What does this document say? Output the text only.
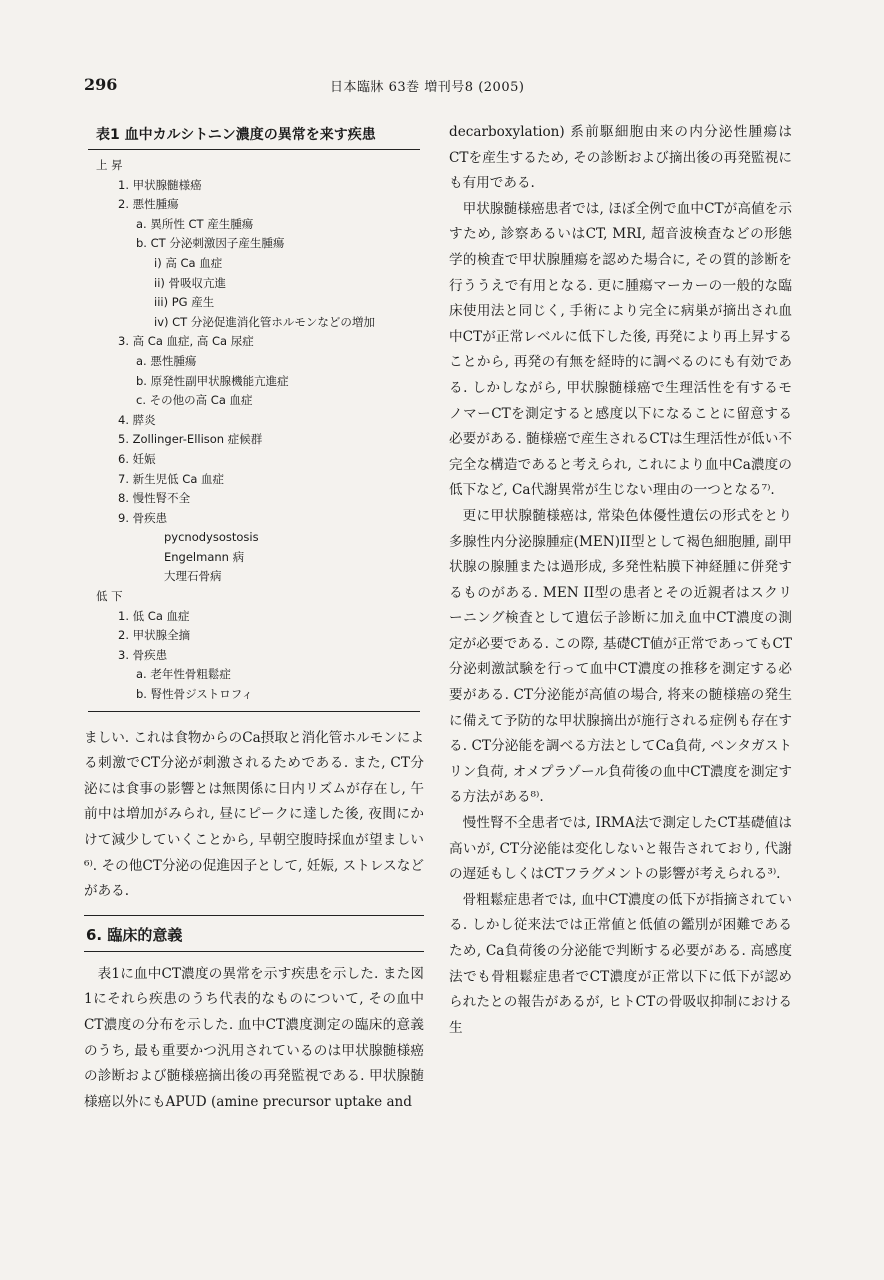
296	日本臨牀 63巻 増刊号8 (2005)
表1 血中カルシトニン濃度の異常を来す疾患
上 昇
1. 甲状腺髄様癌
2. 悪性腫瘍
a. 異所性 CT 産生腫瘍
b. CT 分泌刺激因子産生腫瘍
i) 高 Ca 血症
ii) 骨吸収亢進
iii) PG 産生
iv) CT 分泌促進消化管ホルモンなどの増加
3. 高 Ca 血症, 高 Ca 尿症
a. 悪性腫瘍
b. 原発性副甲状腺機能亢進症
c. その他の高 Ca 血症
4. 膵炎
5. Zollinger-Ellison 症候群
6. 妊娠
7. 新生児低 Ca 血症
8. 慢性腎不全
9. 骨疾患
pycnodysostosis
Engelmann 病
大理石骨病
低 下
1. 低 Ca 血症
2. 甲状腺全摘
3. 骨疾患
a. 老年性骨粗鬆症
b. 腎性骨ジストロフィ

ましい. これは食物からのCa摂取と消化管ホルモンによる刺激でCT分泌が刺激されるためである. また, CT分泌には食事の影響とは無関係に日内リズムが存在し, 午前中は増加がみられ, 昼にピークに達した後, 夜間にかけて減少していくことから, 早朝空腹時採血が望ましい⁶⁾. その他CT分泌の促進因子として, 妊娠, ストレスなどがある.

6. 臨床的意義

表1に血中CT濃度の異常を示す疾患を示した. また図1にそれら疾患のうち代表的なものについて, その血中CT濃度の分布を示した. 血中CT濃度測定の臨床的意義のうち, 最も重要かつ汎用されているのは甲状腺髄様癌の診断および髄様癌摘出後の再発監視である. 甲状腺髄様癌以外にもAPUD (amine precursor uptake and

decarboxylation) 系前駆細胞由来の内分泌性腫瘍はCTを産生するため, その診断および摘出後の再発監視にも有用である.

甲状腺髄様癌患者では, ほぼ全例で血中CTが高値を示すため, 診察あるいはCT, MRI, 超音波検査などの形態学的検査で甲状腺腫瘍を認めた場合に, その質的診断を行ううえで有用となる. 更に腫瘍マーカーの一般的な臨床使用法と同じく, 手術により完全に病巣が摘出され血中CTが正常レベルに低下した後, 再発により再上昇することから, 再発の有無を経時的に調べるのにも有効である. しかしながら, 甲状腺髄様癌で生理活性を有するモノマーCTを測定すると感度以下になることに留意する必要がある. 髄様癌で産生されるCTは生理活性が低い不完全な構造であると考えられ, これにより血中Ca濃度の低下など, Ca代謝異常が生じない理由の一つとなる⁷⁾.

更に甲状腺髄様癌は, 常染色体優性遺伝の形式をとり多腺性内分泌腺腫症(MEN)II型として褐色細胞腫, 副甲状腺の腺腫または過形成, 多発性粘膜下神経腫に併発するものがある. MEN II型の患者とその近親者はスクリーニング検査として遺伝子診断に加え血中CT濃度の測定が必要である. この際, 基礎CT値が正常であってもCT分泌刺激試験を行って血中CT濃度の推移を測定する必要がある. CT分泌能が高値の場合, 将来の髄様癌の発生に備えて予防的な甲状腺摘出が施行される症例も存在する. CT分泌能を調べる方法としてCa負荷, ペンタガストリン負荷, オメプラゾール負荷後の血中CT濃度を測定する方法がある⁸⁾.

慢性腎不全患者では, IRMA法で測定したCT基礎値は高いが, CT分泌能は変化しないと報告されており, 代謝の遅延もしくはCTフラグメントの影響が考えられる³⁾.

骨粗鬆症患者では, 血中CT濃度の低下が指摘されている. しかし従来法では正常値と低値の鑑別が困難であるため, Ca負荷後の分泌能で判断する必要がある. 高感度法でも骨粗鬆症患者でCT濃度が正常以下に低下が認められたとの報告があるが, ヒトCTの骨吸収抑制における生
